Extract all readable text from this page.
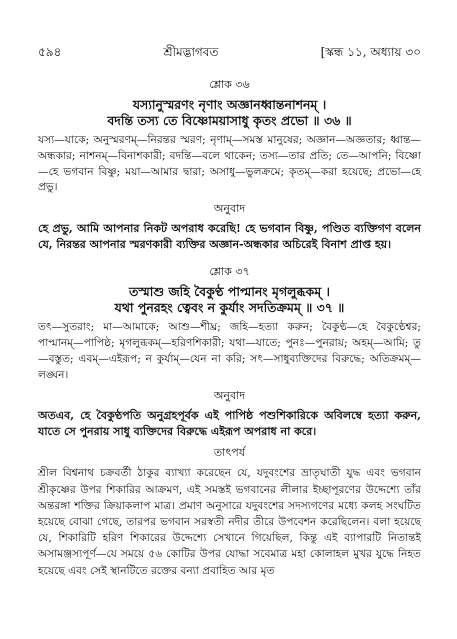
৫৯৪	শ্রীমদ্ভাগবত	[স্কন্ধ ১১, অধ্যায় ৩০
শ্লোক ৩৬
যস্যানুস্মরণং নৃণাং অজ্ঞানধ্বান্তনাশনম্ ।
বদন্তি তস্য তে বিষ্ণোময়াসাধু কৃতং প্রভো ॥ ৩৬ ॥
যস্য—যাকে; অনুস্মরণম্—নিরন্তর স্মরণ; নৃণাম্—সমস্ত মানুষের; অজ্ঞান—অজ্ঞতার; ধ্বান্ত—অন্ধকার; নাশনম্—বিনাশকারী; বদন্তি—বলে থাকেন; তস্য—তার প্রতি; তে—আপনি; বিষ্ণো—হে ভগবান বিষ্ণু; ময়া—আমার দ্বারা; অসাধু—ভুলক্রমে; কৃতম্—করা হয়েছে; প্রভো—হে প্রভু।
অনুবাদ
হে প্রভু, আমি আপনার নিকট অপরাধ করেছি! হে ভগবান বিষ্ণু, পণ্ডিত ব্যক্তিগণ বলেন যে, নিরন্তর আপনার স্মরণকারী ব্যক্তির অজ্ঞান-অন্ধকার অচিরেই বিনাশ প্রাপ্ত হয়।
শ্লোক ৩৭
তস্মাশু জহি বৈকুণ্ঠ পাপ্মানং মৃগলুব্ধকম্ ।
যথা পুনরহং ত্বেবং ন কুর্যাং সদতিক্রমম্ ॥ ৩৭ ॥
তৎ—সুতরাং; মা—আমাকে; আশু—শীঘ্র; জহি—হত্যা করুন; বৈকুণ্ঠ—হে বৈকুণ্ঠেশ্বর; পাপ্মানম্—পাপিষ্ঠ; মৃগলুব্ধকম্—হরিণশিকারী; যথা—যাতে; পুনঃ—পুনরায়; অহম্—আমি; তু—বস্তুত; এবম্—এইরূপ; ন কুর্যাম্—যেন না করি; সৎ—সাধুব্যক্তিদের বিরুদ্ধে; অতিক্রমম্—লঙ্ঘন।
অনুবাদ
অতএব, হে বৈকুণ্ঠপতি অনুগ্রহপূর্বক এই পাপিষ্ঠ পশুশিকারিকে অবিলম্বে হত্যা করুন, যাতে সে পুনরায় সাধু ব্যক্তিদের বিরুদ্ধে এইরূপ অপরাধ না করে।
তাৎপর্য
শ্রীল বিশ্বনাথ চক্রবর্তী ঠাকুর ব্যাখ্যা করেছেন যে, যদুবংশের ভ্রাতৃঘাতী যুদ্ধ এবং ভগবান শ্রীকৃষ্ণের উপর শিকারির আক্রমণ, এই সমস্তই ভগবানের লীলার ইচ্ছাপূরণের উদ্দেশ্যে তাঁর অন্তরঙ্গা শক্তির ক্রিয়াকলাপ মাত্র। প্রমাণ অনুসারে যদুবংশের সদস্যগণের মধ্যে কলহ সংঘটিত হয়েছে বোঝা গেছে, তারপর ভগবান সরস্বতী নদীর তীরে উপবেশন করেছিলেন। বলা হয়েছে যে, শিকারিটি হরিণ শিকারের উদ্দেশ্যে সেখানে গিয়েছিল, কিন্তু এই ব্যাপারটি নিতান্তই অসামঞ্জস্যপূর্ণ—যে সময়ে ৫৬ কোটির উপর যোদ্ধা সবেমাত্র মহা কোলাহল মুখর যুদ্ধে নিহত হয়েছে এবং সেই স্থানটিতে রক্তের বন্যা প্রবাহিত আর মৃত
